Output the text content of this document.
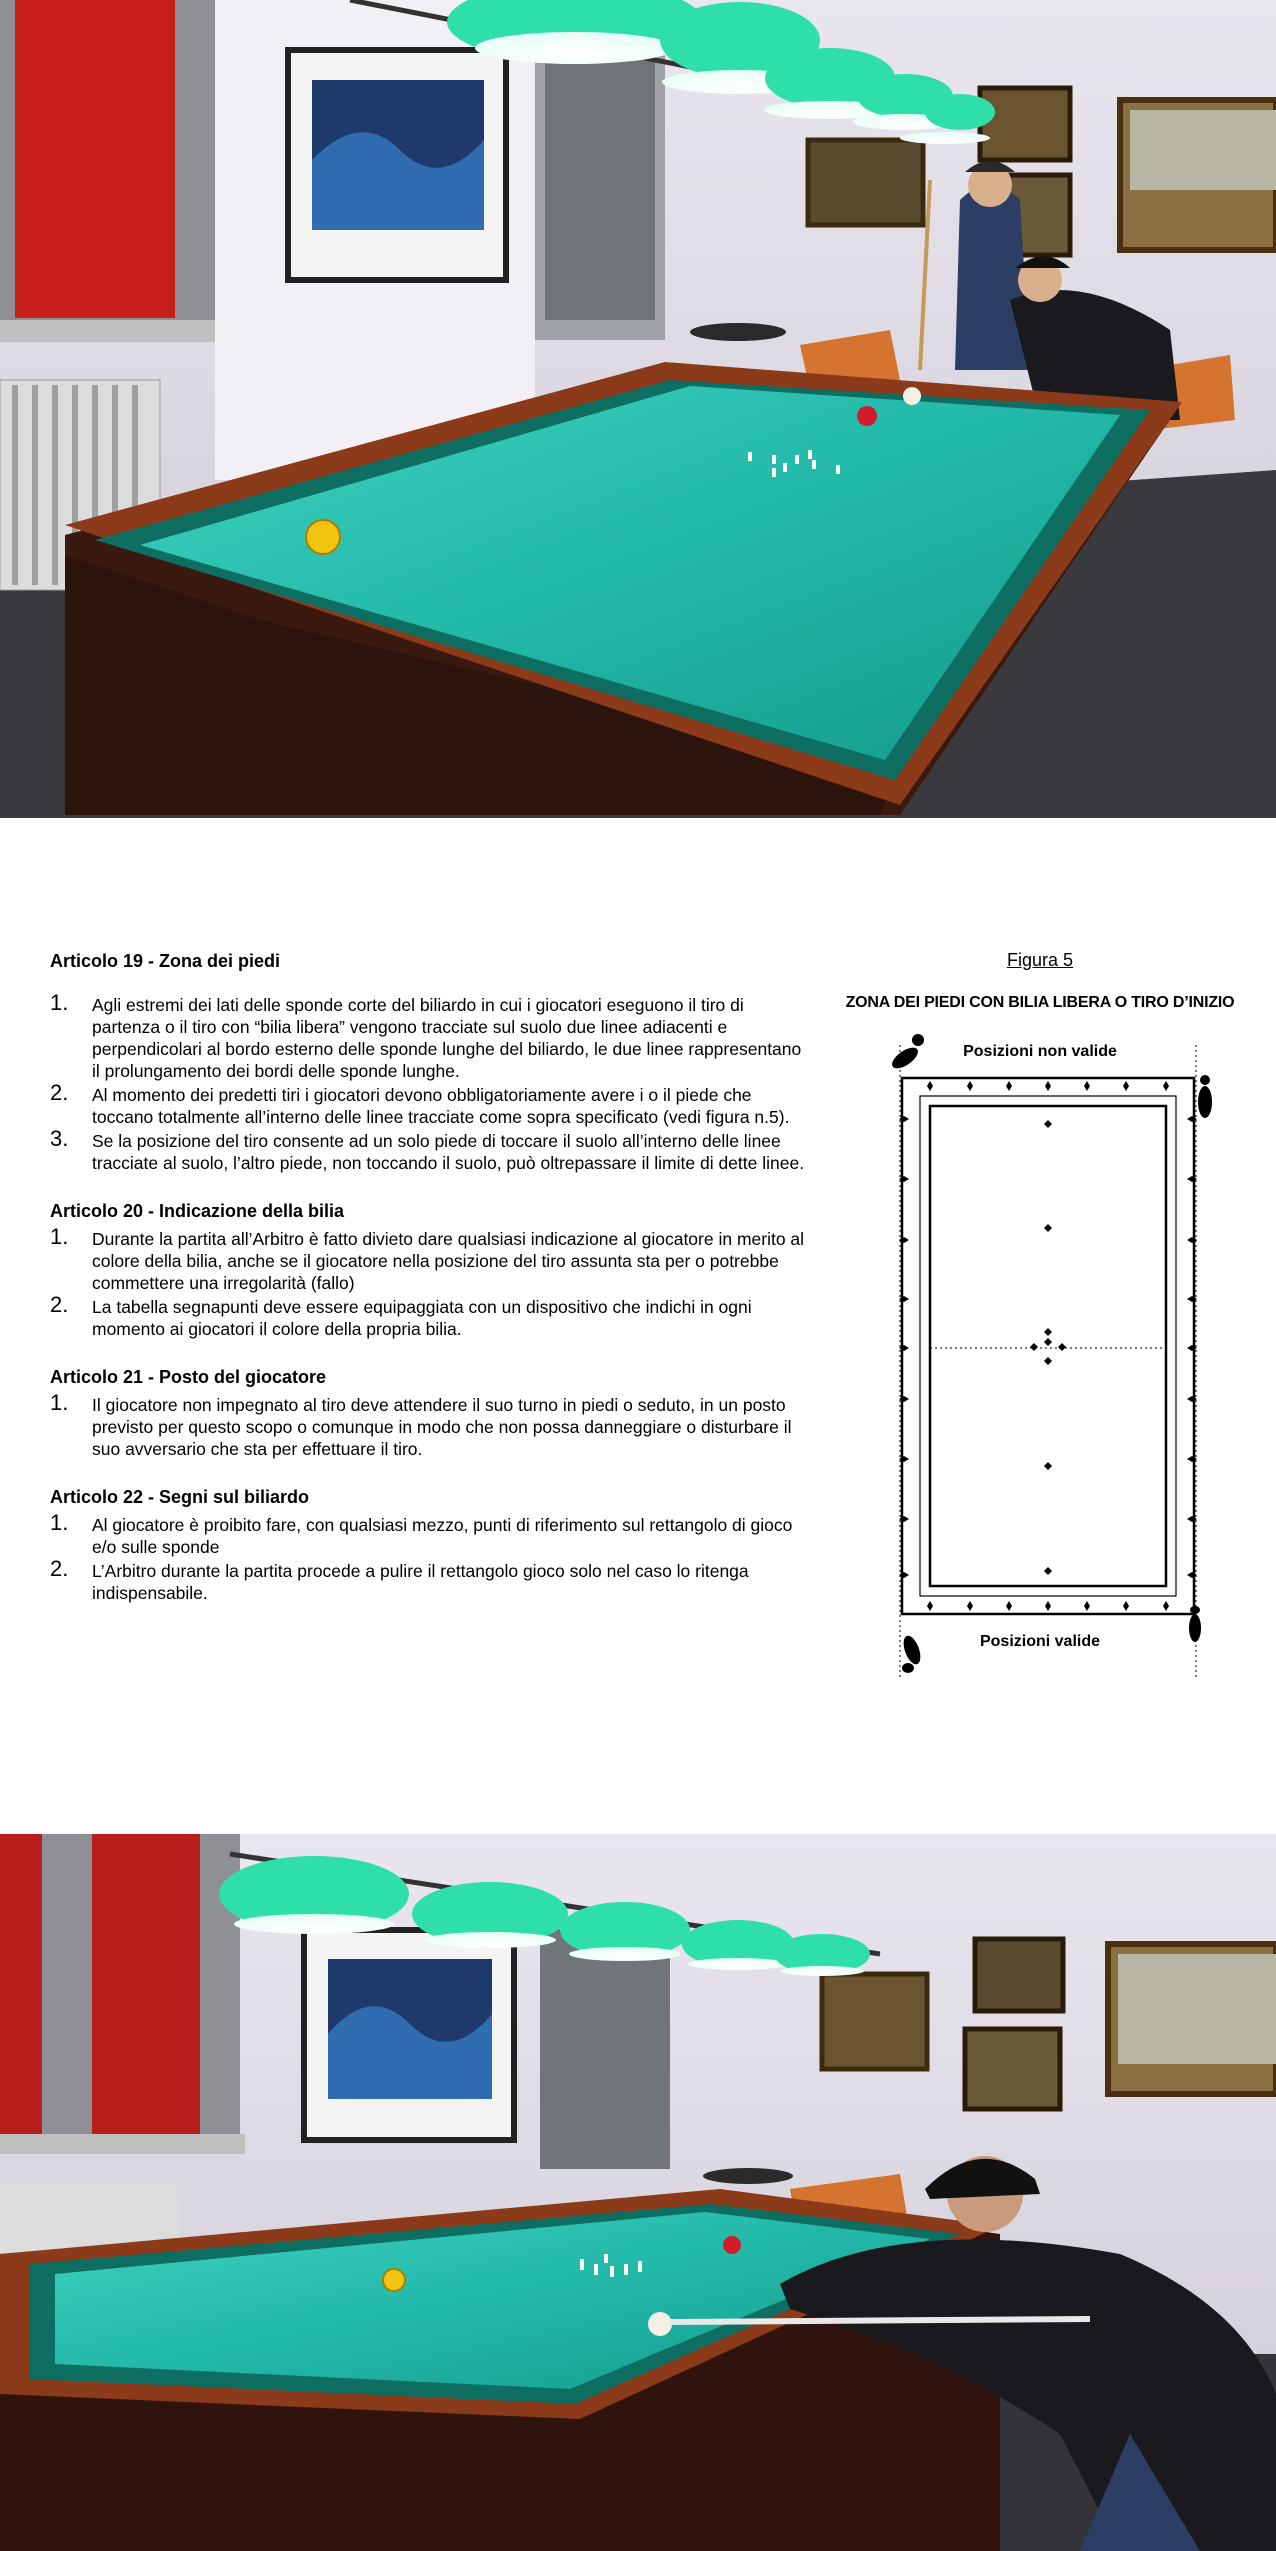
Articolo 19 - Zona dei piedi
1. Agli estremi dei lati delle sponde corte del biliardo in cui i giocatori eseguono il tiro di partenza o il tiro con “bilia libera” vengono tracciate sul suolo due linee adiacenti e perpendicolari al bordo esterno delle sponde lunghe del biliardo, le due linee rappresentano il prolungamento dei bordi delle sponde lunghe.
2. Al momento dei predetti tiri i giocatori devono obbligatoriamente avere i o il piede che toccano totalmente all’interno delle linee tracciate come sopra specificato (vedi figura n.5).
3. Se la posizione del tiro consente ad un solo piede di toccare il suolo all’interno delle linee tracciate al suolo, l’altro piede, non toccando il suolo, può oltrepassare il limite di dette linee.
Articolo 20 - Indicazione della bilia
1. Durante la partita all’Arbitro è fatto divieto dare qualsiasi indicazione al giocatore in merito al colore della bilia, anche se il giocatore nella posizione del tiro assunta sta per o potrebbe commettere una irregolarità (fallo)
2. La tabella segnapunti deve essere equipaggiata con un dispositivo che indichi in ogni momento ai giocatori il colore della propria bilia.
Articolo 21 - Posto del giocatore
1. Il giocatore non impegnato al tiro deve attendere il suo turno in piedi o seduto, in un posto previsto per questo scopo o comunque in modo che non possa danneggiare o disturbare il suo avversario che sta per effettuare il tiro.
Articolo 22 - Segni sul biliardo
1. Al giocatore è proibito fare, con qualsiasi mezzo, punti di riferimento sul rettangolo di gioco e/o sulle sponde
2. L’Arbitro durante la partita procede a pulire il rettangolo gioco solo nel caso lo ritenga indispensabile.
Figura 5
ZONA DEI PIEDI CON BILIA LIBERA O TIRO D’INIZIO
Posizioni non valide
Posizioni valide
